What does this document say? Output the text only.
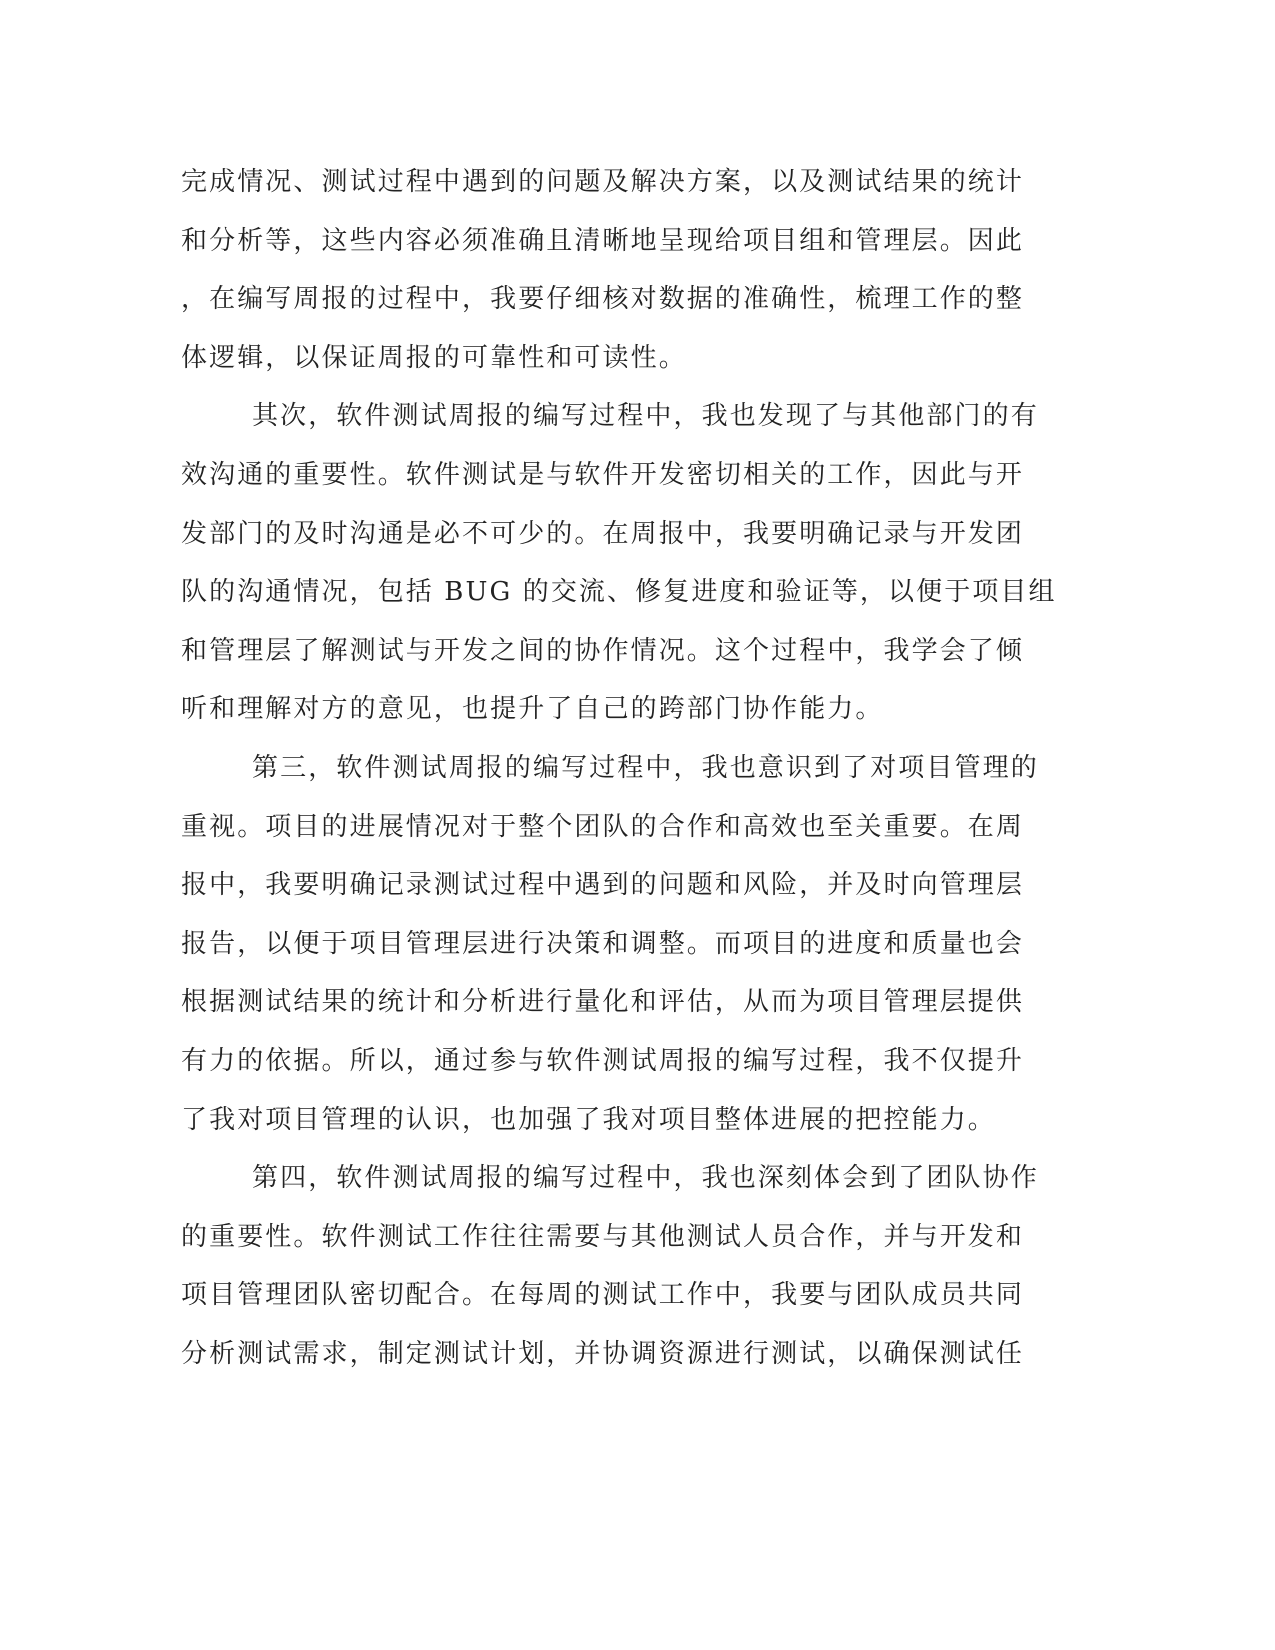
完成情况、测试过程中遇到的问题及解决方案，以及测试结果的统计
和分析等，这些内容必须准确且清晰地呈现给项目组和管理层。因此
，在编写周报的过程中，我要仔细核对数据的准确性，梳理工作的整
体逻辑，以保证周报的可靠性和可读性。
其次，软件测试周报的编写过程中，我也发现了与其他部门的有
效沟通的重要性。软件测试是与软件开发密切相关的工作，因此与开
发部门的及时沟通是必不可少的。在周报中，我要明确记录与开发团
队的沟通情况，包括 BUG 的交流、修复进度和验证等，以便于项目组
和管理层了解测试与开发之间的协作情况。这个过程中，我学会了倾
听和理解对方的意见，也提升了自己的跨部门协作能力。
第三，软件测试周报的编写过程中，我也意识到了对项目管理的
重视。项目的进展情况对于整个团队的合作和高效也至关重要。在周
报中，我要明确记录测试过程中遇到的问题和风险，并及时向管理层
报告，以便于项目管理层进行决策和调整。而项目的进度和质量也会
根据测试结果的统计和分析进行量化和评估，从而为项目管理层提供
有力的依据。所以，通过参与软件测试周报的编写过程，我不仅提升
了我对项目管理的认识，也加强了我对项目整体进展的把控能力。
第四，软件测试周报的编写过程中，我也深刻体会到了团队协作
的重要性。软件测试工作往往需要与其他测试人员合作，并与开发和
项目管理团队密切配合。在每周的测试工作中，我要与团队成员共同
分析测试需求，制定测试计划，并协调资源进行测试，以确保测试任
